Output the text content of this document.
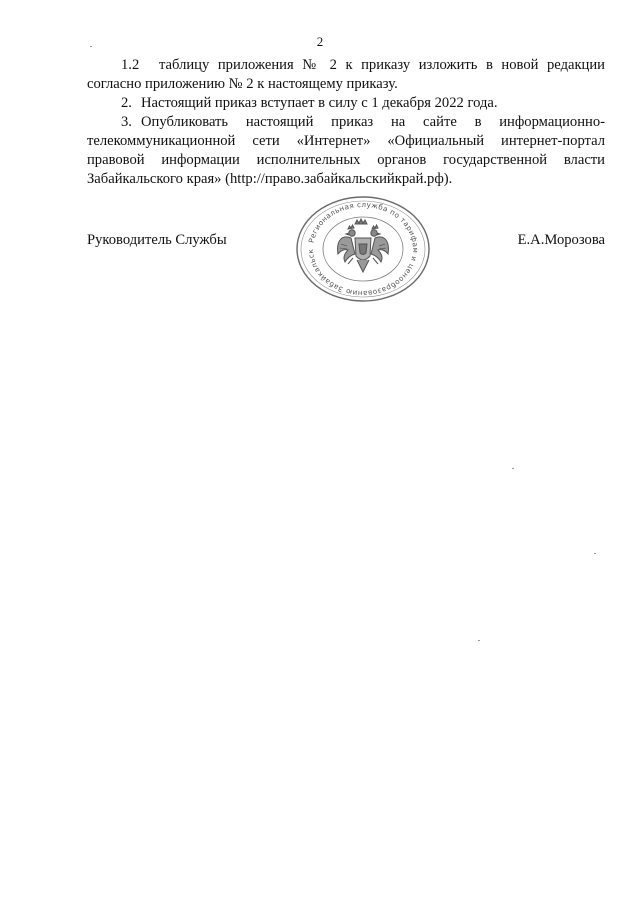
2

1.2 таблицу приложения № 2 к приказу изложить в новой редакции согласно приложению № 2 к настоящему приказу.

2. Настоящий приказ вступает в силу с 1 декабря 2022 года.

3. Опубликовать настоящий приказ на сайте в информационно-телекоммуникационной сети «Интернет» «Официальный интернет-портал правовой информации исполнительных органов государственной власти Забайкальского края» (http://право.забайкальскийкрай.рф).

Руководитель Службы	Е.А.Морозова
Региональная служба по тарифам и ценообразованию Забайкальск
